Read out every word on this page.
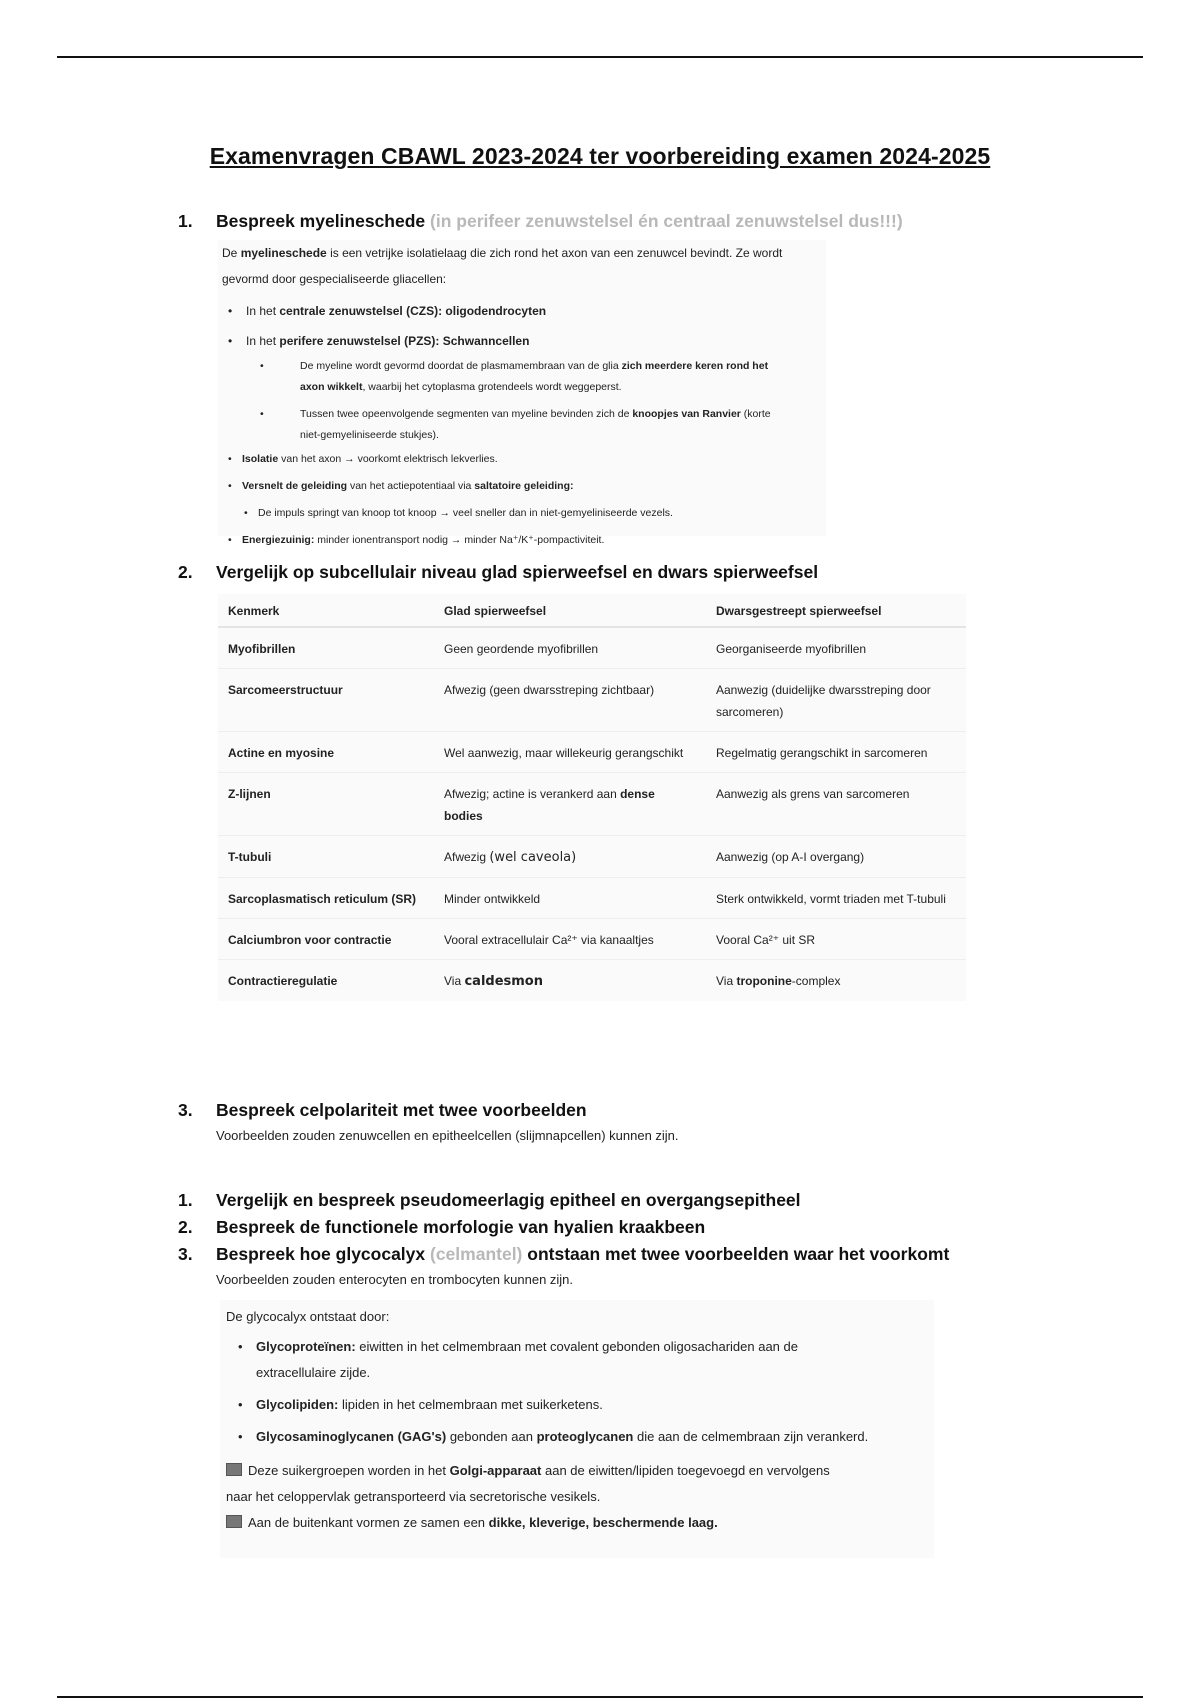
Examenvragen CBAWL 2023-2024 ter voorbereiding examen 2024-2025
1. Bespreek myelineschede (in perifeer zenuwstelsel én centraal zenuwstelsel dus!!!)

De myelineschede is een vetrijke isolatielaag die zich rond het axon van een zenuwcel bevindt. Ze wordt

gevormd door gespecialiseerde gliacellen:

• In het centrale zenuwstelsel (CZS): oligodendrocyten
• In het perifere zenuwstelsel (PZS): Schwanncellen
• De myeline wordt gevormd doordat de plasmamembraan van de glia zich meerdere keren rond het
axon wikkelt, waarbij het cytoplasma grotendeels wordt weggeperst.
• Tussen twee opeenvolgende segmenten van myeline bevinden zich de knoopjes van Ranvier (korte
niet-gemyeliniseerde stukjes).
• Isolatie van het axon → voorkomt elektrisch lekverlies.
• Versnelt de geleiding van het actiepotentiaal via saltatoire geleiding:
• De impuls springt van knoop tot knoop → veel sneller dan in niet-gemyeliniseerde vezels.
• Energiezuinig: minder ionentransport nodig → minder Na⁺/K⁺-pompactiviteit.
2. Vergelijk op subcellulair niveau glad spierweefsel en dwars spierweefsel
Kenmerk	Glad spierweefsel	Dwarsgestreept spierweefsel
Myofibrillen	Geen geordende myofibrillen	Georganiseerde myofibrillen
Sarcomeerstructuur	Afwezig (geen dwarsstreping zichtbaar)	Aanwezig (duidelijke dwarsstreping door sarcomeren)
Actine en myosine	Wel aanwezig, maar willekeurig gerangschikt	Regelmatig gerangschikt in sarcomeren
Z-lijnen	Afwezig; actine is verankerd aan dense bodies	Aanwezig als grens van sarcomeren
T-tubuli	Afwezig (wel caveola)	Aanwezig (op A-I overgang)
Sarcoplasmatisch reticulum (SR)	Minder ontwikkeld	Sterk ontwikkeld, vormt triaden met T-tubuli
Calciumbron voor contractie	Vooral extracellulair Ca²⁺ via kanaaltjes	Vooral Ca²⁺ uit SR
Contractieregulatie	Via caldesmon	Via troponine-complex
3. Bespreek celpolariteit met twee voorbeelden
Voorbeelden zouden zenuwcellen en epitheelcellen (slijmnapcellen) kunnen zijn.
1. Vergelijk en bespreek pseudomeerlagig epitheel en overgangsepitheel
2. Bespreek de functionele morfologie van hyalien kraakbeen
3. Bespreek hoe glycocalyx (celmantel) ontstaan met twee voorbeelden waar het voorkomt
Voorbeelden zouden enterocyten en trombocyten kunnen zijn.

De glycocalyx ontstaat door:

• Glycoproteïnen: eiwitten in het celmembraan met covalent gebonden oligosachariden aan de
extracellulaire zijde.
• Glycolipiden: lipiden in het celmembraan met suikerketens.
• Glycosaminoglycanen (GAG's) gebonden aan proteoglycanen die aan de celmembraan zijn verankerd.

Deze suikergroepen worden in het Golgi-apparaat aan de eiwitten/lipiden toegevoegd en vervolgens
naar het celoppervlak getransporteerd via secretorische vesikels.

Aan de buitenkant vormen ze samen een dikke, kleverige, beschermende laag.
